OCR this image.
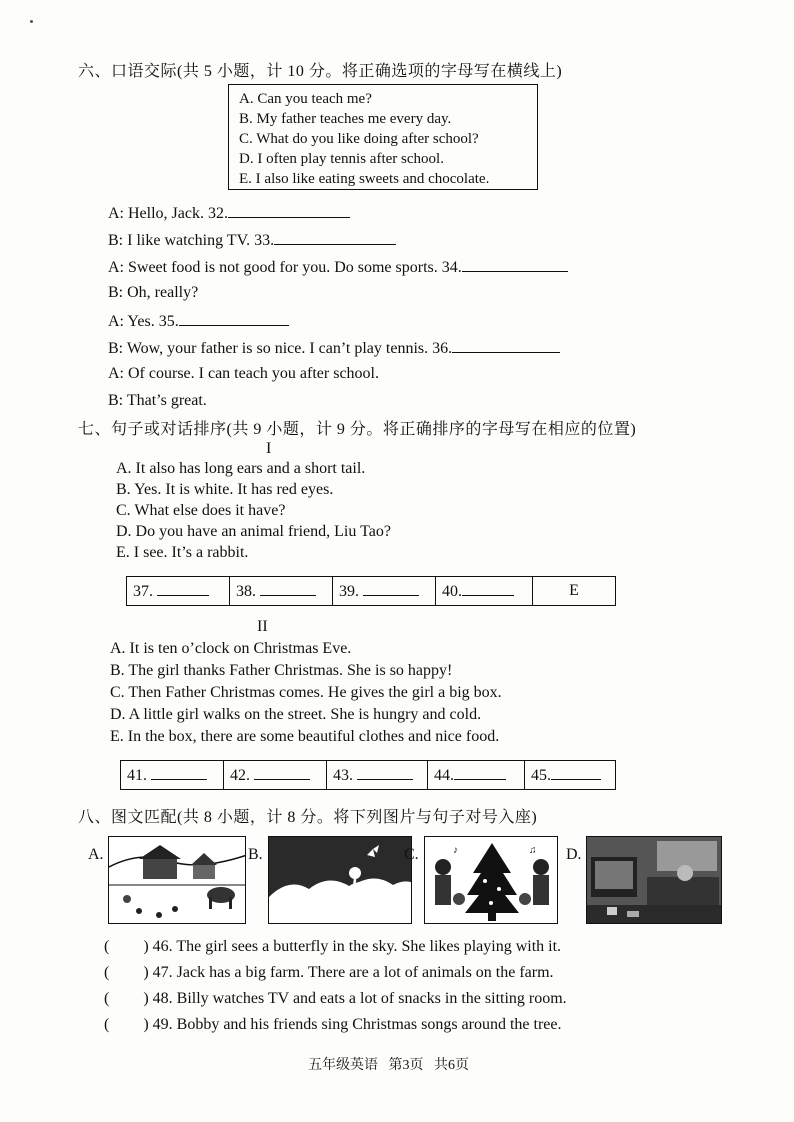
六、口语交际(共 5 小题，计 10 分。将正确选项的字母写在横线上)
A. Can you teach me?
B. My father teaches me every day.
C. What do you like doing after school?
D. I often play tennis after school.
E. I also like eating sweets and chocolate.
A: Hello, Jack. 32.
B: I like watching TV. 33.
A: Sweet food is not good for you. Do some sports. 34.
B: Oh, really?
A: Yes. 35.
B: Wow, your father is so nice. I can’t play tennis. 36.
A: Of course. I can teach you after school.
B: That’s great.
七、句子或对话排序(共 9 小题，计 9 分。将正确排序的字母写在相应的位置)
I
A. It also has long ears and a short tail.
B. Yes. It is white. It has red eyes.
C. What else does it have?
D. Do you have an animal friend, Liu Tao?
E. I see. It’s a rabbit.
37.	38.	39.	40.	E
II
A. It is ten o’clock on Christmas Eve.
B. The girl thanks Father Christmas. She is so happy!
C. Then Father Christmas comes. He gives the girl a big box.
D. A little girl walks on the street. She is hungry and cold.
E. In the box, there are some beautiful clothes and nice food.
41.	42.	43.	44.	45.
八、图文匹配(共 8 小题，计 8 分。将下列图片与句子对号入座)
A.	B.	C.	♪	♫ D.
( ) 46. The girl sees a butterfly in the sky. She likes playing with it.
( ) 47. Jack has a big farm. There are a lot of animals on the farm.
( ) 48. Billy watches TV and eats a lot of snacks in the sitting room.
( ) 49. Bobby and his friends sing Christmas songs around the tree.
五年级英语   第3页   共6页
